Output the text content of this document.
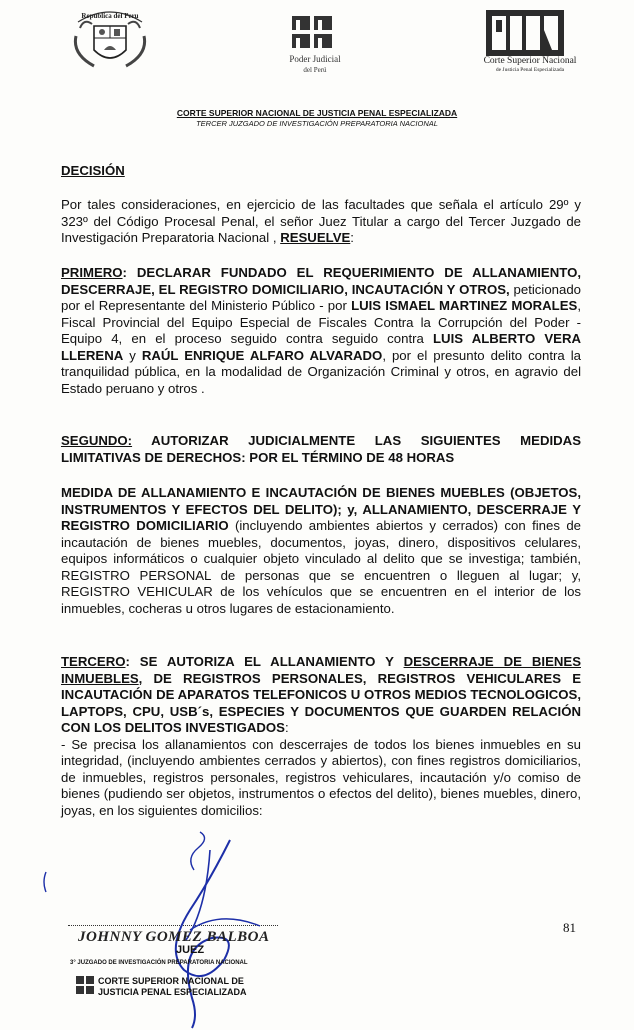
Republica del Peru
Poder Judicial
del Perú
Corte Superior Nacional
de Justicia Penal Especializada
CORTE SUPERIOR NACIONAL DE JUSTICIA PENAL ESPECIALIZADA
TERCER JUZGADO DE INVESTIGACIÓN PREPARATORIA NACIONAL
DECISIÓN
Por tales consideraciones, en ejercicio de las facultades que señala el artículo 29º y 323º del Código Procesal Penal, el señor Juez Titular a cargo del Tercer Juzgado de Investigación Preparatoria Nacional , RESUELVE:
PRIMERO: DECLARAR FUNDADO EL REQUERIMIENTO DE ALLANAMIENTO, DESCERRAJE, EL REGISTRO DOMICILIARIO, INCAUTACIÓN Y OTROS, peticionado por el Representante del Ministerio Público - por LUIS ISMAEL MARTINEZ MORALES, Fiscal Provincial del Equipo Especial de Fiscales Contra la Corrupción del Poder - Equipo 4, en el proceso seguido contra seguido contra LUIS ALBERTO VERA LLERENA y RAÚL ENRIQUE ALFARO ALVARADO, por el presunto delito contra la tranquilidad pública, en la modalidad de Organización Criminal y otros, en agravio del Estado peruano y otros .
SEGUNDO: AUTORIZAR JUDICIALMENTE LAS SIGUIENTES MEDIDAS LIMITATIVAS DE DERECHOS: POR EL TÉRMINO DE 48 HORAS
MEDIDA DE ALLANAMIENTO E INCAUTACIÓN DE BIENES MUEBLES (OBJETOS, INSTRUMENTOS Y EFECTOS DEL DELITO); y, ALLANAMIENTO, DESCERRAJE Y REGISTRO DOMICILIARIO (incluyendo ambientes abiertos y cerrados) con fines de incautación de bienes muebles, documentos, joyas, dinero, dispositivos celulares, equipos informáticos o cualquier objeto vinculado al delito que se investiga; también, REGISTRO PERSONAL de personas que se encuentren o lleguen al lugar; y, REGISTRO VEHICULAR de los vehículos que se encuentren en el interior de los inmuebles, cocheras u otros lugares de estacionamiento.
TERCERO: SE AUTORIZA EL ALLANAMIENTO Y DESCERRAJE DE BIENES INMUEBLES, DE REGISTROS PERSONALES, REGISTROS VEHICULARES E INCAUTACIÓN DE APARATOS TELEFONICOS U OTROS MEDIOS TECNOLOGICOS, LAPTOPS, CPU, USB´s, ESPECIES Y DOCUMENTOS QUE GUARDEN RELACIÓN CON LOS DELITOS INVESTIGADOS:
- Se precisa los allanamientos con descerrajes de todos los bienes inmuebles en su integridad, (incluyendo ambientes cerrados y abiertos), con fines registros domiciliarios, de inmuebles, registros personales, registros vehiculares, incautación y/o comiso de bienes (pudiendo ser objetos, instrumentos o efectos del delito), bienes muebles, dinero, joyas, en los siguientes domicilios:
81
JOHNNY GOMEZ BALBOA
JUEZ
3° JUZGADO DE INVESTIGACIÓN PREPARATORIA NACIONAL
CORTE SUPERIOR NACIONAL DE
JUSTICIA PENAL ESPECIALIZADA
